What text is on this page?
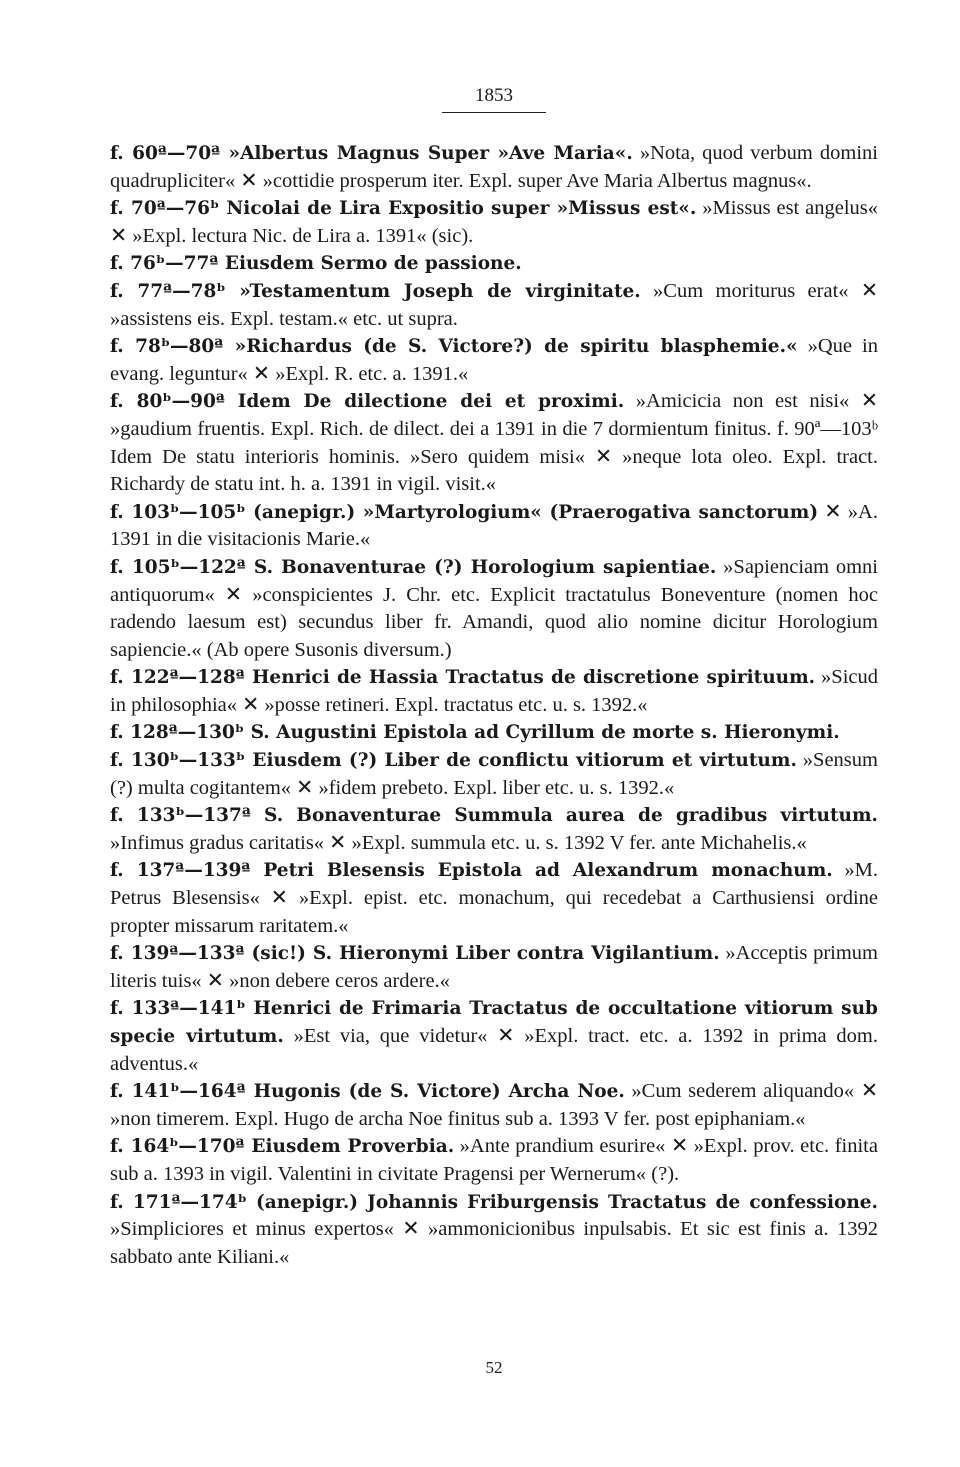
1853

f. 60ª—70ª »Albertus Magnus Super »Ave Maria«. »Nota, quod verbum domini quadrupliciter« ✕ »cottidie prosperum iter. Expl. super Ave Maria Albertus magnus«.

f. 70ª—76ᵇ Nicolai de Lira Expositio super »Missus est«. »Missus est angelus« ✕ »Expl. lectura Nic. de Lira a. 1391« (sic).

f. 76ᵇ—77ª Eiusdem Sermo de passione.

f. 77ª—78ᵇ »Testamentum Joseph de virginitate. »Cum moriturus erat« ✕ »assistens eis. Expl. testam.« etc. ut supra.

f. 78ᵇ—80ª »Richardus (de S. Victore?) de spiritu blasphemie.« »Que in evang. leguntur« ✕ »Expl. R. etc. a. 1391.«

f. 80ᵇ—90ª Idem De dilectione dei et proximi. »Amicicia non est nisi« ✕ »gaudium fruentis. Expl. Rich. de dilect. dei a 1391 in die 7 dormientum finitus. f. 90ª—103ᵇ Idem De statu interioris hominis. »Sero quidem misi« ✕ »neque lota oleo. Expl. tract. Richardy de statu int. h. a. 1391 in vigil. visit.«

f. 103ᵇ—105ᵇ (anepigr.) »Martyrologium« (Praerogativa sanctorum) ✕ »A. 1391 in die visitacionis Marie.«

f. 105ᵇ—122ª S. Bonaventurae (?) Horologium sapientiae. »Sapienciam omni antiquorum« ✕ »conspicientes J. Chr. etc. Explicit tractatulus Boneventure (nomen hoc radendo laesum est) secundus liber fr. Amandi, quod alio nomine dicitur Horologium sapiencie.« (Ab opere Susonis diversum.)

f. 122ª—128ª Henrici de Hassia Tractatus de discretione spirituum. »Sicud in philosophia« ✕ »posse retineri. Expl. tractatus etc. u. s. 1392.«

f. 128ª—130ᵇ S. Augustini Epistola ad Cyrillum de morte s. Hieronymi.

f. 130ᵇ—133ᵇ Eiusdem (?) Liber de conflictu vitiorum et virtutum. »Sensum (?) multa cogitantem« ✕ »fidem prebeto. Expl. liber etc. u. s. 1392.«

f. 133ᵇ—137ª S. Bonaventurae Summula aurea de gradibus virtutum. »Infimus gradus caritatis« ✕ »Expl. summula etc. u. s. 1392 V fer. ante Michahelis.«

f. 137ª—139ª Petri Blesensis Epistola ad Alexandrum monachum. »M. Petrus Blesensis« ✕ »Expl. epist. etc. monachum, qui recedebat a Carthusiensi ordine propter missarum raritatem.«

f. 139ª—133ª (sic!) S. Hieronymi Liber contra Vigilantium. »Acceptis primum literis tuis« ✕ »non debere ceros ardere.«

f. 133ª—141ᵇ Henrici de Frimaria Tractatus de occultatione vitiorum sub specie virtutum. »Est via, que videtur« ✕ »Expl. tract. etc. a. 1392 in prima dom. adventus.«

f. 141ᵇ—164ª Hugonis (de S. Victore) Archa Noe. »Cum sederem aliquando« ✕ »non timerem. Expl. Hugo de archa Noe finitus sub a. 1393 V fer. post epiphaniam.«

f. 164ᵇ—170ª Eiusdem Proverbia. »Ante prandium esurire« ✕ »Expl. prov. etc. finita sub a. 1393 in vigil. Valentini in civitate Pragensi per Wernerum« (?).

f. 171ª—174ᵇ (anepigr.) Johannis Friburgensis Tractatus de confessione. »Simpliciores et minus expertos« ✕ »ammonicionibus inpulsabis. Et sic est finis a. 1392 sabbato ante Kiliani.«

52
